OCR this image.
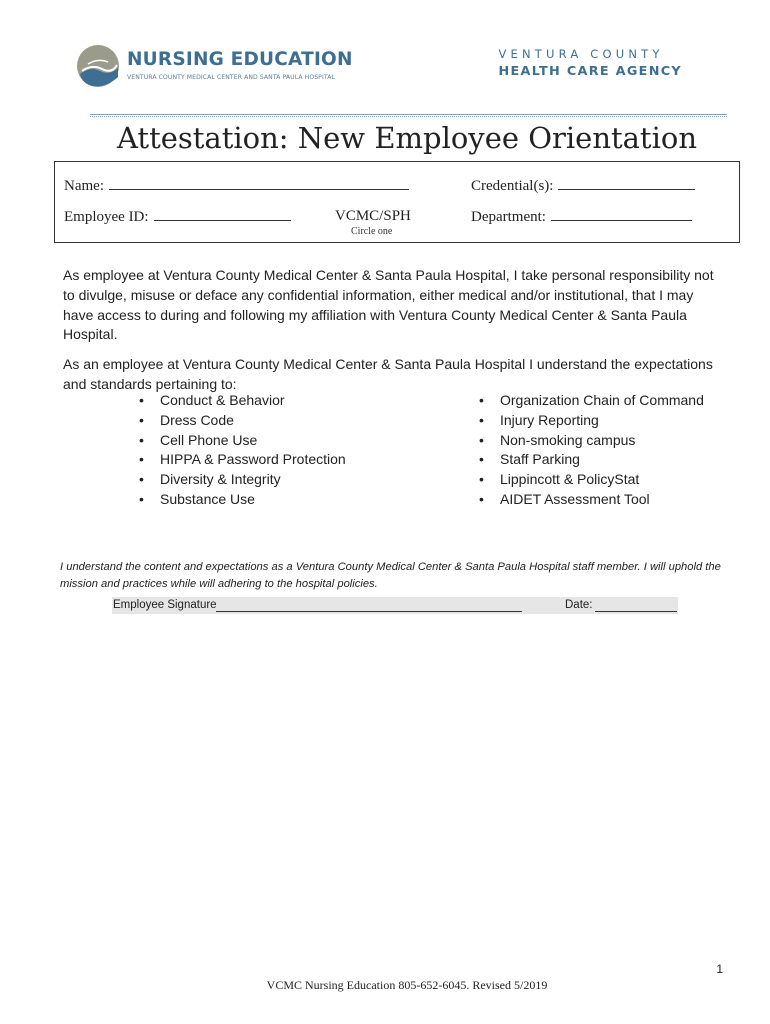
NURSING EDUCATION
VENTURA COUNTY MEDICAL CENTER AND SANTA PAULA HOSPITAL
VENTURA COUNTY
HEALTH CARE AGENCY
Attestation: New Employee Orientation
Name:	Credential(s):
Employee ID:	VCMC/SPH
Circle one
Department:
As employee at Ventura County Medical Center & Santa Paula Hospital, I take personal responsibility not to divulge, misuse or deface any confidential information, either medical and/or institutional, that I may have access to during and following my affiliation with Ventura County Medical Center & Santa Paula Hospital.
As an employee at Ventura County Medical Center & Santa Paula Hospital I understand the expectations and standards pertaining to:
• Conduct & Behavior
• Dress Code
• Cell Phone Use
• HIPPA & Password Protection
• Diversity & Integrity
• Substance Use
• Organization Chain of Command
• Injury Reporting
• Non-smoking campus
• Staff Parking
• Lippincott & PolicyStat
• AIDET Assessment Tool
I understand the content and expectations as a Ventura County Medical Center & Santa Paula Hospital staff member. I will uphold the mission and practices while will adhering to the hospital policies.
Employee Signature	Date:
1
VCMC Nursing Education 805-652-6045. Revised 5/2019
